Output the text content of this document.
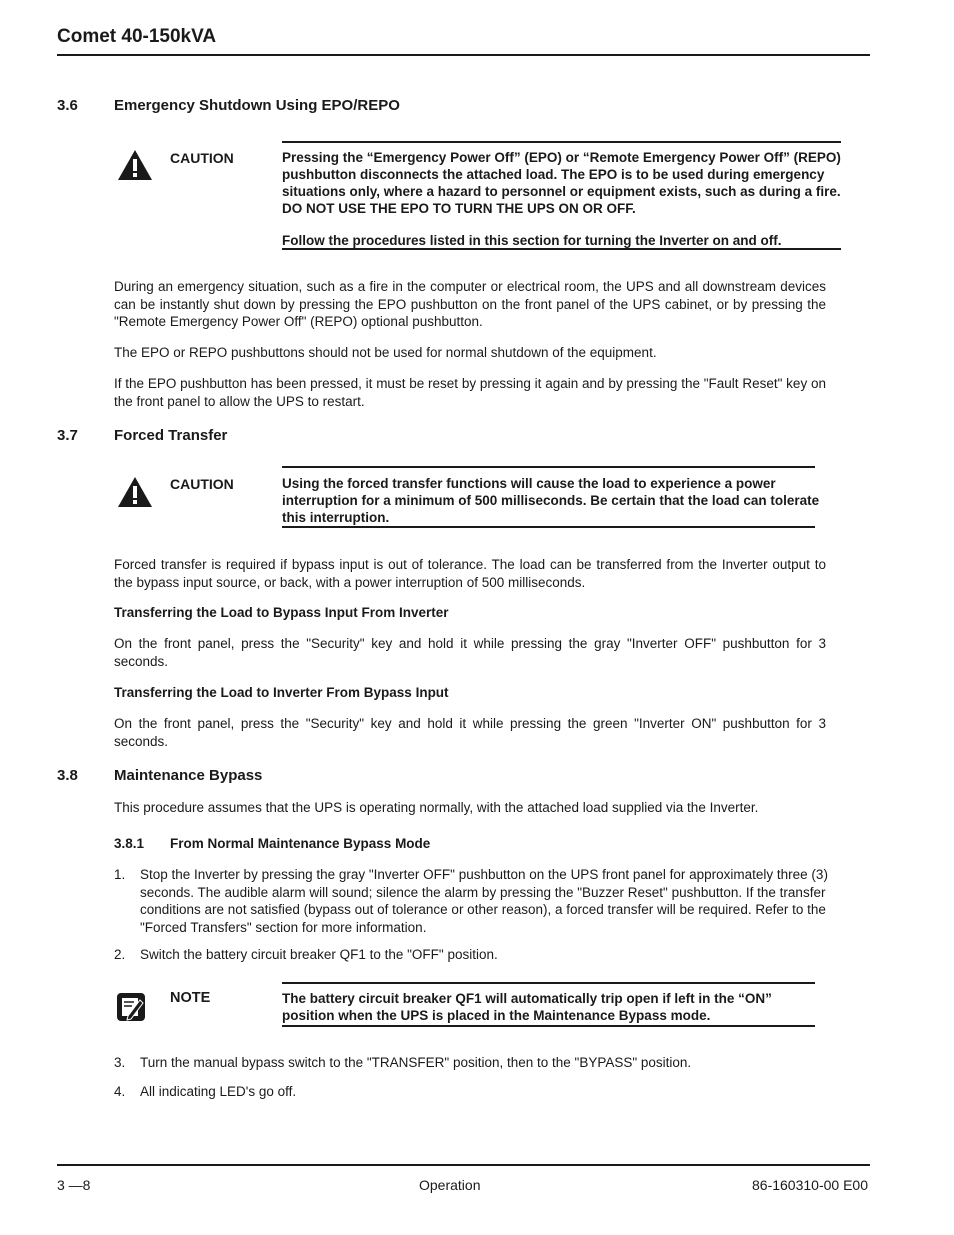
Comet 40-150kVA
3.6 Emergency Shutdown Using EPO/REPO
CAUTION	Pressing the “Emergency Power Off” (EPO) or “Remote Emergency Power Off” (REPO) pushbutton disconnects the attached load. The EPO is to be used during emergency situations only, where a hazard to personnel or equipment exists, such as during a fire. DO NOT USE THE EPO TO TURN THE UPS ON OR OFF.
Follow the procedures listed in this section for turning the Inverter on and off.
During an emergency situation, such as a fire in the computer or electrical room, the UPS and all downstream devices can be instantly shut down by pressing the EPO pushbutton on the front panel of the UPS cabinet, or by pressing the "Remote Emergency Power Off" (REPO) optional pushbutton.
The EPO or REPO pushbuttons should not be used for normal shutdown of the equipment.
If the EPO pushbutton has been pressed, it must be reset by pressing it again and by pressing the "Fault Reset" key on the front panel to allow the UPS to restart.
3.7 Forced Transfer
CAUTION	Using the forced transfer functions will cause the load to experience a power interruption for a minimum of 500 milliseconds. Be certain that the load can tolerate this interruption.
Forced transfer is required if bypass input is out of tolerance. The load can be transferred from the Inverter output to the bypass input source, or back, with a power interruption of 500 milliseconds.
Transferring the Load to Bypass Input From Inverter
On the front panel, press the "Security" key and hold it while pressing the gray "Inverter OFF" pushbutton for 3 seconds.
Transferring the Load to Inverter From Bypass Input
On the front panel, press the "Security" key and hold it while pressing the green "Inverter ON" pushbutton for 3 seconds.
3.8 Maintenance Bypass
This procedure assumes that the UPS is operating normally, with the attached load supplied via the Inverter.
3.8.1 From Normal Maintenance Bypass Mode
1. Stop the Inverter by pressing the gray "Inverter OFF" pushbutton on the UPS front panel for approximately three (3) seconds. The audible alarm will sound; silence the alarm by pressing the "Buzzer Reset" pushbutton. If the transfer conditions are not satisfied (bypass out of tolerance or other reason), a forced transfer will be required. Refer to the "Forced Transfers" section for more information.
2. Switch the battery circuit breaker QF1 to the "OFF" position.
NOTE	The battery circuit breaker QF1 will automatically trip open if left in the “ON” position when the UPS is placed in the Maintenance Bypass mode.
3. Turn the manual bypass switch to the "TRANSFER" position, then to the "BYPASS" position.
4. All indicating LED's go off.
3 —8	Operation	86-160310-00 E00
